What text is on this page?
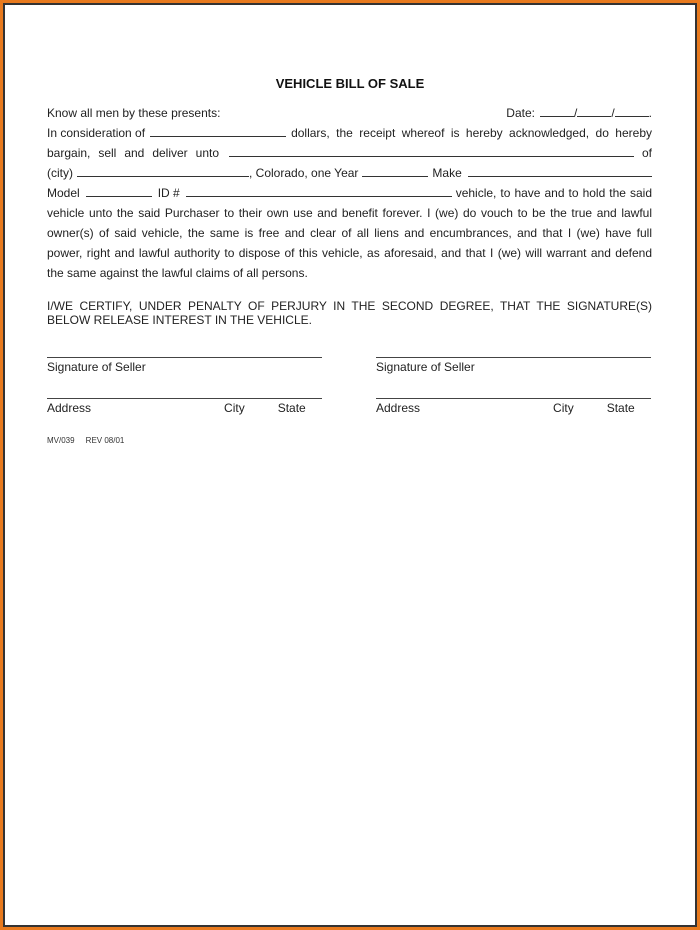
VEHICLE BILL OF SALE
Know all men by these presents:	Date:	/	/	.
In consideration of	dollars, the receipt whereof is hereby acknowledged, do hereby
bargain, sell and deliver unto	of
(city)	, Colorado, one Year	Make
Model	ID #	vehicle, to have and to hold the said
vehicle unto the said Purchaser to their own use and benefit forever. I (we) do vouch to be the true and lawful
owner(s) of said vehicle, the same is free and clear of all liens and encumbrances, and that I (we) have full
power, right and lawful authority to dispose of this vehicle, as aforesaid, and that I (we) will warrant and defend
the same against the lawful claims of all persons.
I/WE CERTIFY, UNDER PENALTY OF PERJURY IN THE SECOND DEGREE, THAT THE SIGNATURE(S) BELOW RELEASE INTEREST IN THE VEHICLE.
Signature of Seller	Signature of Seller
Address	City	State	Address	City	State
MV/039     REV 08/01
